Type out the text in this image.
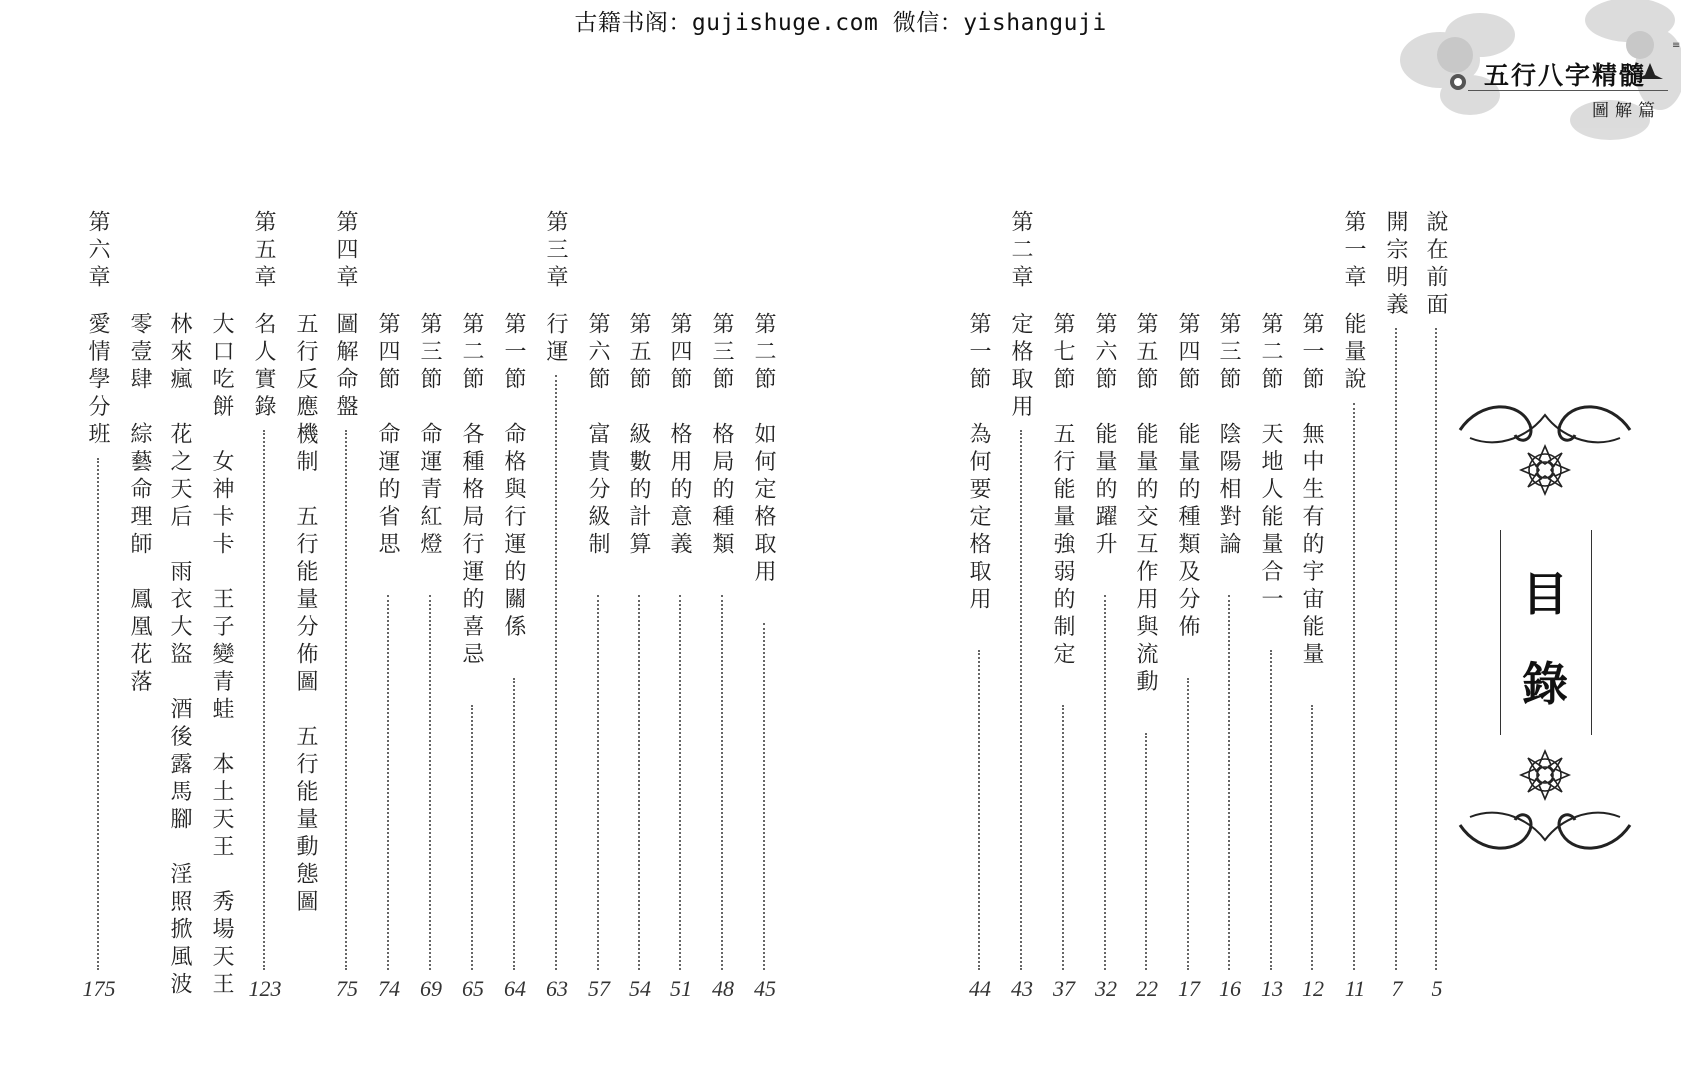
古籍书阁：gujishuge.com 微信：yishanguji
≡
五行八字精髓
圖解篇
目
錄
說在前面
5
開宗明義
7
第一章
能量說
11
第一節　無中生有的宇宙能量
12
第二節　天地人能量合一
13
第三節　陰陽相對論
16
第四節　能量的種類及分佈
17
第五節　能量的交互作用與流動
22
第六節　能量的躍升
32
第七節　五行能量強弱的制定
37
第二章
定格取用
43
第一節　為何要定格取用
44
第二節　如何定格取用
45
第三節　格局的種類
48
第四節　格用的意義
51
第五節　級數的計算
54
第六節　富貴分級制
57
第三章
行運
63
第一節　命格與行運的關係
64
第二節　各種格局行運的喜忌
65
第三節　命運青紅燈
69
第四節　命運的省思
74
第四章
圖解命盤
75
五行反應機制　五行能量分佈圖　五行能量動態圖
第五章
名人實錄
123
大口吃餅　女神卡卡　王子變青蛙　本土天王　秀場天王
林來瘋　花之天后　雨衣大盜　酒後露馬腳　淫照掀風波
零壹肆　綜藝命理師　鳳凰花落
第六章
愛情學分班
175
